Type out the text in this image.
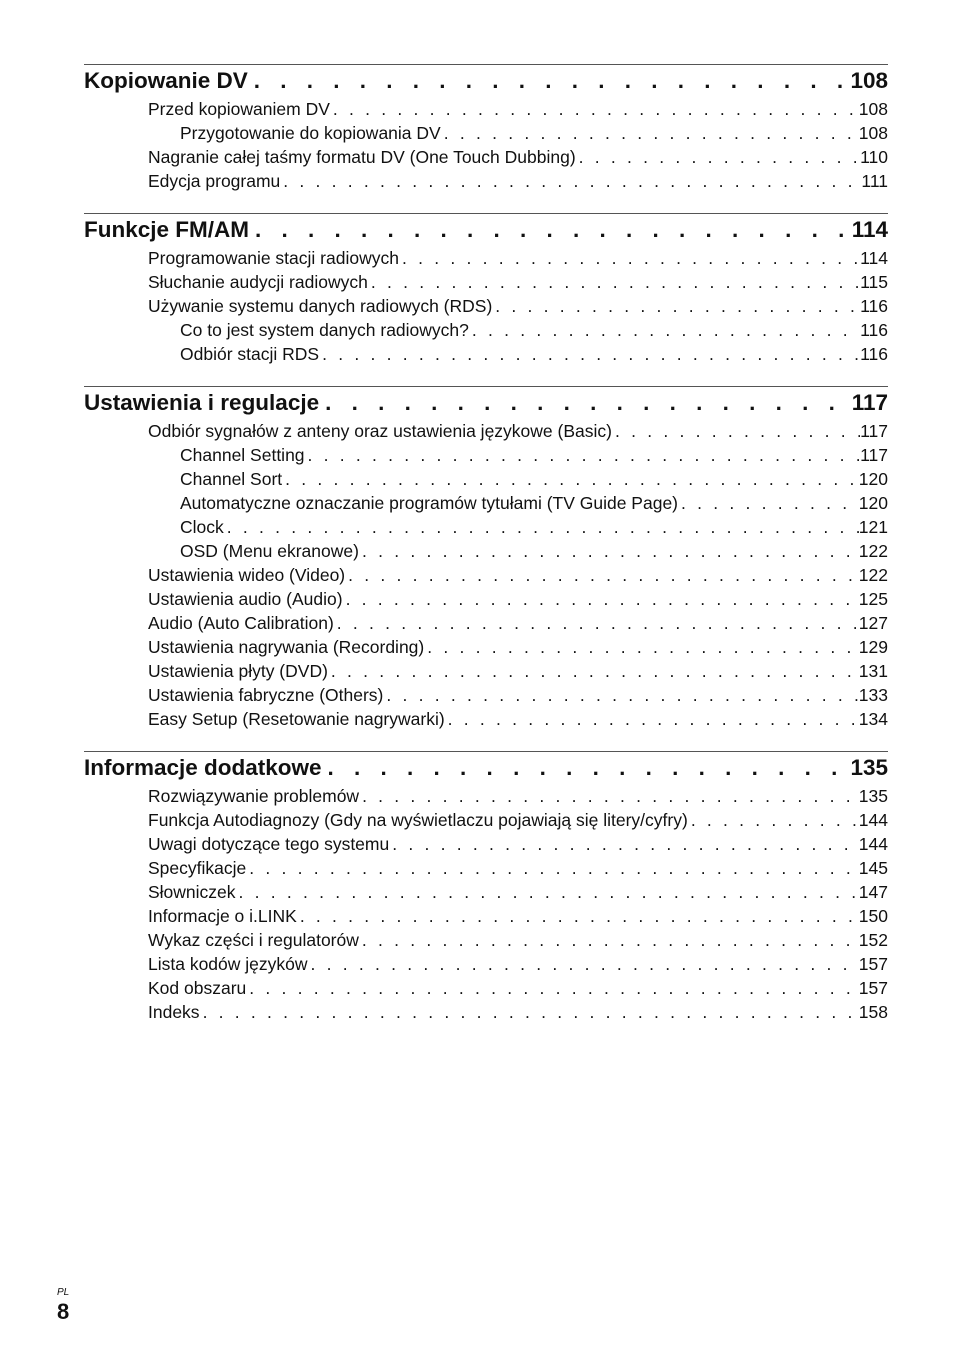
Kopiowanie DV . . .	108
Przed kopiowaniem DV . . .	108
Przygotowanie do kopiowania DV . . .	108
Nagranie całej taśmy formatu DV (One Touch Dubbing) . . .	110
Edycja programu . . .	111
Funkcje FM/AM . . .	114
Programowanie stacji radiowych . . .	114
Słuchanie audycji radiowych . . .	115
Używanie systemu danych radiowych (RDS) . . .	116
Co to jest system danych radiowych? . . .	116
Odbiór stacji RDS . . .	116
Ustawienia i regulacje . . .	117
Odbiór sygnałów z anteny oraz ustawienia językowe (Basic) . . .	117
Channel Setting . . .	117
Channel Sort . . .	120
Automatyczne oznaczanie programów tytułami (TV Guide Page) . . .	120
Clock . . .	121
OSD (Menu ekranowe) . . .	122
Ustawienia wideo (Video) . . .	122
Ustawienia audio (Audio) . . .	125
Audio (Auto Calibration) . . .	127
Ustawienia nagrywania (Recording) . . .	129
Ustawienia płyty (DVD) . . .	131
Ustawienia fabryczne (Others) . . .	133
Easy Setup (Resetowanie nagrywarki) . . .	134
Informacje dodatkowe . . .	135
Rozwiązywanie problemów . . .	135
Funkcja Autodiagnozy (Gdy na wyświetlaczu pojawiają się litery/cyfry) . . .	144
Uwagi dotyczące tego systemu . . .	144
Specyfikacje . . .	145
Słowniczek . . .	147
Informacje o i.LINK . . .	150
Wykaz części i regulatorów . . .	152
Lista kodów języków . . .	157
Kod obszaru . . .	157
Indeks . . .	158
PL
8
